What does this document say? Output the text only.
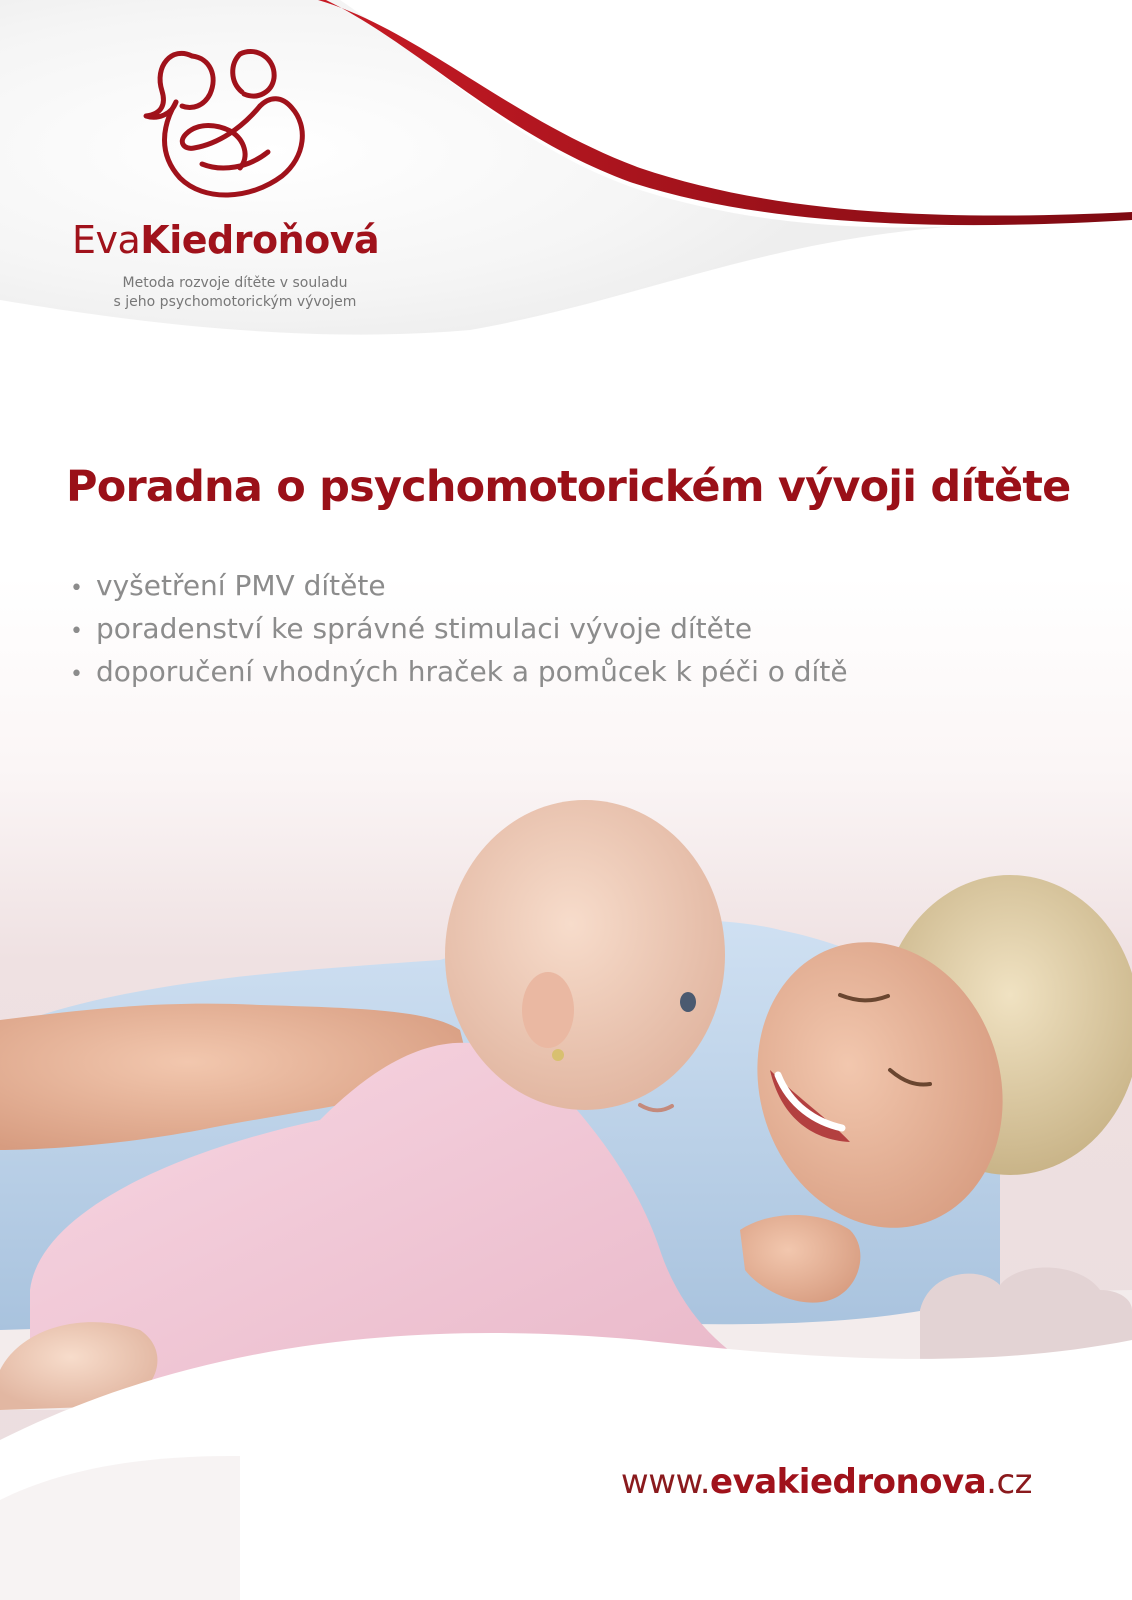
EvaKiedroňová
Metoda rozvoje dítěte v souladu
s jeho psychomotorickým vývojem
Poradna o psychomotorickém vývoji dítěte
• vyšetření PMV dítěte
• poradenství ke správné stimulaci vývoje dítěte
• doporučení vhodných hraček a pomůcek k péči o dítě
www.evakiedronova.cz
